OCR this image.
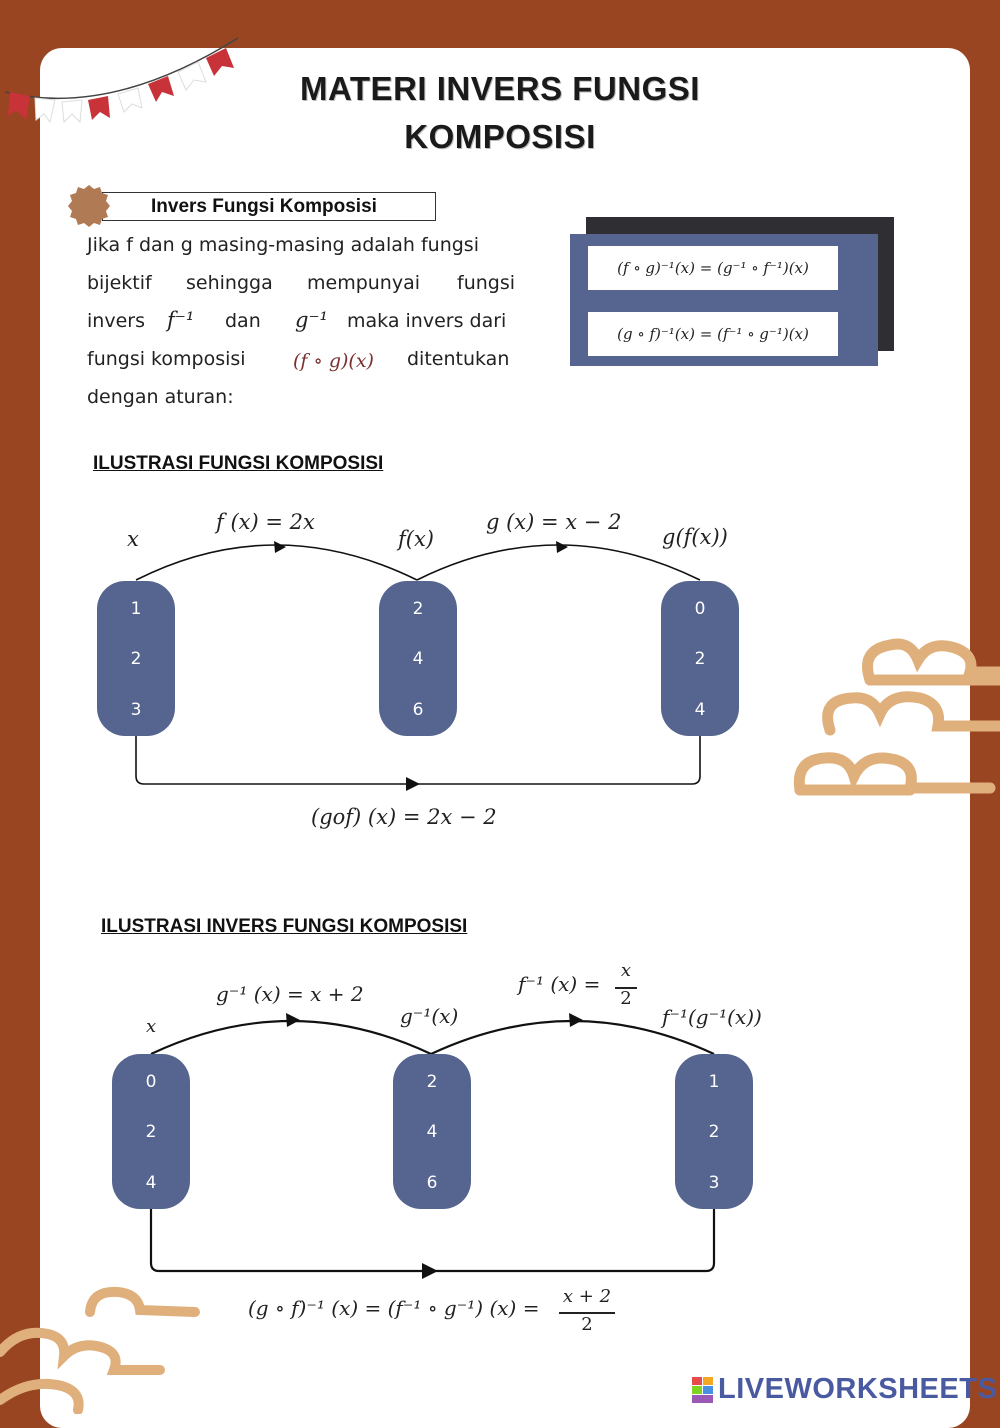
MATERI INVERS FUNGSI
KOMPOSISI
Invers Fungsi Komposisi
Jika f dan g masing-masing adalah fungsi
bijektif sehingga mempunyai fungsi
invers f⁻¹ dan g⁻¹ maka invers dari
fungsi komposisi (f ∘ g)(x) ditentukan
dengan aturan:
(f ∘ g)⁻¹(x) = (g⁻¹ ∘ f⁻¹)(x)
(g ∘ f)⁻¹(x) = (f⁻¹ ∘ g⁻¹)(x)
ILUSTRASI FUNGSI KOMPOSISI
x
f (x) = 2x
f(x)
g (x) = x − 2
g(f(x))
(gof) (x) = 2x − 2
1
2
3
2
4
6
0
2
4
ILUSTRASI INVERS FUNGSI KOMPOSISI
x
g⁻¹ (x) = x + 2
g⁻¹(x)
f⁻¹ (x) =
x
2
f⁻¹(g⁻¹(x))
(g ∘ f)⁻¹ (x) = (f⁻¹ ∘ g⁻¹) (x) = x + 2
2
0
2
4
2
4
6
1
2
3
LIVEWORKSHEETS
